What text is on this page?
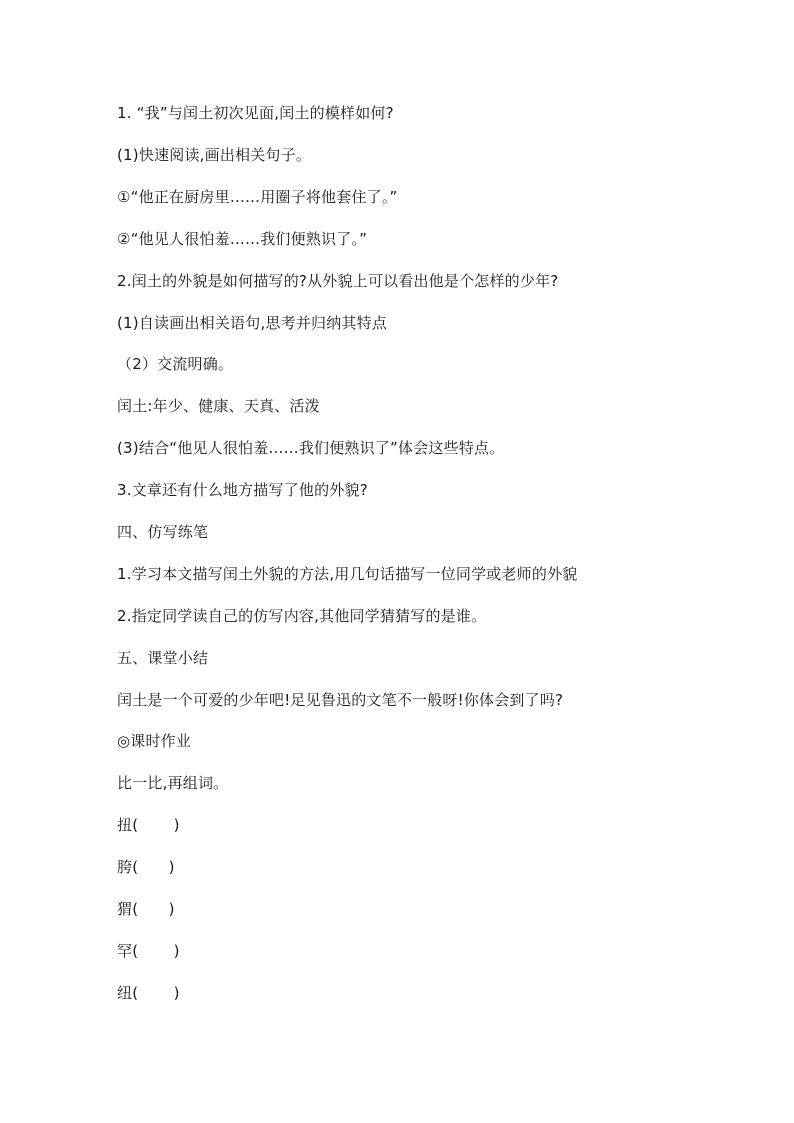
1. “我”与闰土初次见面,闰土的模样如何?
(1)快速阅读,画出相关句子。
①“他正在厨房里……用圈子将他套住了。”
②“他见人很怕羞……我们便熟识了。”
2.闰土的外貌是如何描写的?从外貌上可以看出他是个怎样的少年?
(1)自读画出相关语句,思考并归纳其特点
（2）交流明确。
闰土:年少、健康、天真、活泼
(3)结合“他见人很怕羞……我们便熟识了”体会这些特点。
3.文章还有什么地方描写了他的外貌?
四、仿写练笔
1.学习本文描写闰土外貌的方法,用几句话描写一位同学或老师的外貌
2.指定同学读自己的仿写内容,其他同学猜猜写的是谁。
五、课堂小结
闰土是一个可爱的少年吧!足见鲁迅的文笔不一般呀!你体会到了吗?
◎课时作业
比一比,再组词。
扭(　　 )
胯(　　)
猬(　　)
罕(　　 )
纽(　　 )
